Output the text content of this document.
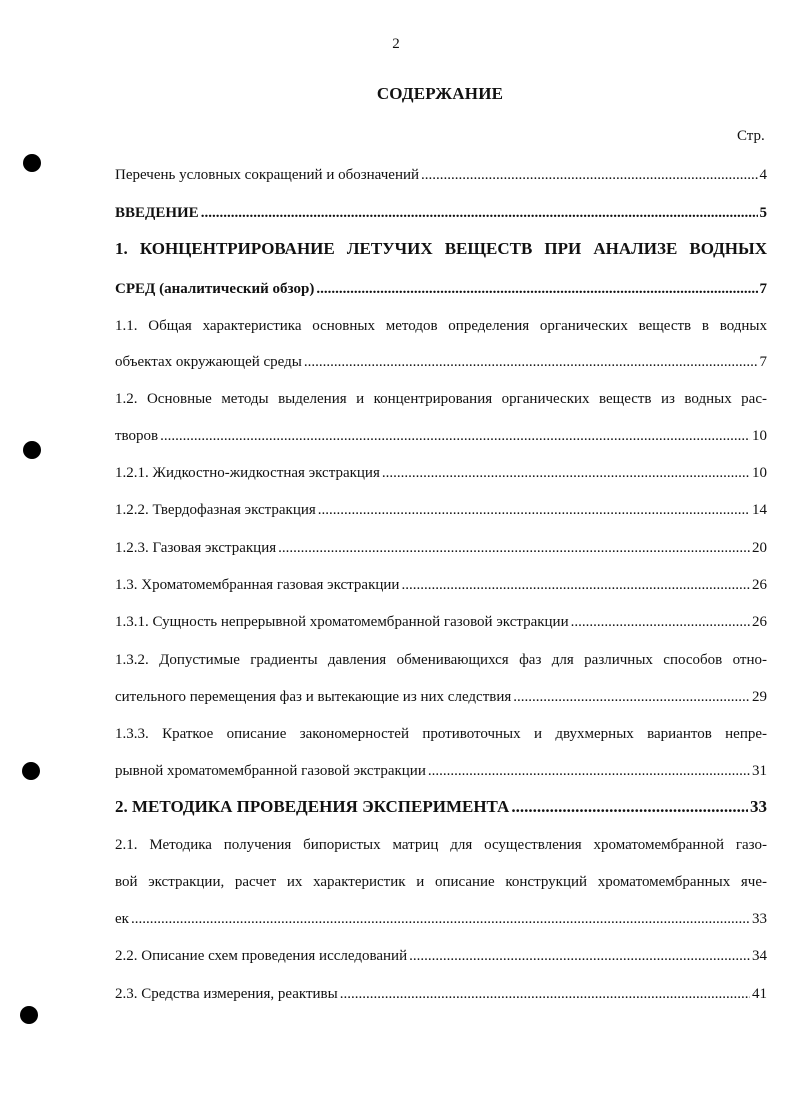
2
СОДЕРЖАНИЕ
Стр.
Перечень условных сокращений и обозначений .....	4
ВВЕДЕНИЕ .....	5
1. КОНЦЕНТРИРОВАНИЕ ЛЕТУЧИХ ВЕЩЕСТВ ПРИ АНАЛИЗЕ ВОДНЫХ
СРЕД (аналитический обзор) .....	7
1.1. Общая характеристика основных методов определения органических веществ в водных
объектах окружающей среды .....	7
1.2. Основные методы выделения и концентрирования органических веществ из водных рас-
творов .....	10
1.2.1. Жидкостно-жидкостная экстракция .....	10
1.2.2. Твердофазная экстракция .....	14
1.2.3. Газовая экстракция .....	20
1.3. Хроматомембранная газовая экстракции .....	26
1.3.1. Сущность непрерывной хроматомембранной газовой экстракции .....	26
1.3.2. Допустимые градиенты давления обменивающихся фаз для различных способов отно-
сительного перемещения фаз и вытекающие из них следствия .....	29
1.3.3. Краткое описание закономерностей противоточных и двухмерных вариантов непре-
рывной хроматомембранной газовой экстракции .....	31
2. МЕТОДИКА ПРОВЕДЕНИЯ ЭКСПЕРИМЕНТА .....	33
2.1. Методика получения бипористых матриц для осуществления хроматомембранной газо-
вой экстракции, расчет их характеристик и описание конструкций хроматомембранных яче-
ек .....	33
2.2. Описание схем проведения исследований .....	34
2.3. Средства измерения, реактивы .....	41
